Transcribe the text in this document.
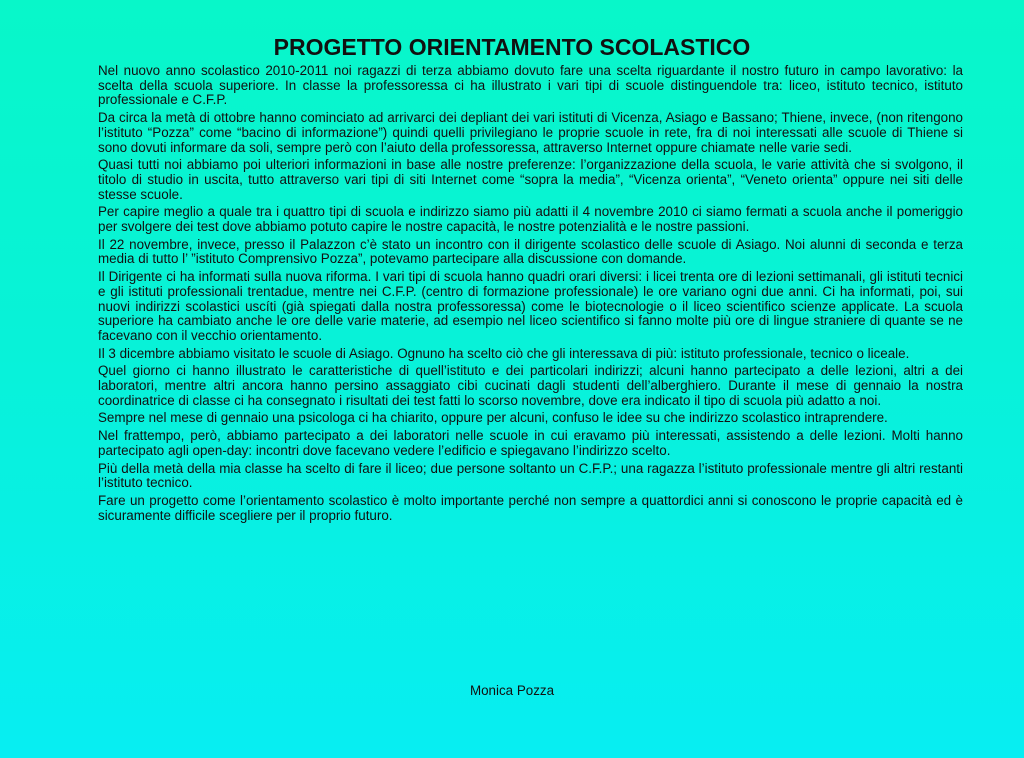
PROGETTO ORIENTAMENTO SCOLASTICO

Nel nuovo anno scolastico 2010-2011 noi ragazzi di terza abbiamo dovuto fare una scelta riguardante il nostro futuro in campo lavorativo: la scelta della scuola superiore. In classe la professoressa ci ha illustrato i vari tipi di scuole distinguendole tra: liceo, istituto tecnico, istituto professionale e C.F.P.

Da circa la metà di ottobre hanno cominciato ad arrivarci dei depliant dei vari istituti di Vicenza, Asiago e Bassano; Thiene, invece, (non ritengono l’istituto “Pozza” come “bacino di informazione”) quindi quelli privilegiano le proprie scuole in rete, fra di noi interessati alle scuole di Thiene si sono dovuti informare da soli, sempre però con l’aiuto della professoressa, attraverso Internet oppure chiamate nelle varie sedi.

Quasi tutti noi abbiamo poi ulteriori informazioni in base alle nostre preferenze: l’organizzazione della scuola, le varie attività che si svolgono, il titolo di studio in uscita, tutto attraverso vari tipi di siti Internet come “sopra la media”, “Vicenza orienta”, “Veneto orienta” oppure nei siti delle stesse scuole.

Per capire meglio a quale tra i quattro tipi di scuola e indirizzo siamo più adatti il 4 novembre 2010 ci siamo fermati a scuola anche il pomeriggio per svolgere dei test dove abbiamo potuto capire le nostre capacità, le nostre potenzialità e le nostre passioni.

Il 22 novembre, invece, presso il Palazzon c’è stato un incontro con il dirigente scolastico delle scuole di Asiago. Noi alunni di seconda e terza media di tutto l’ ”istituto Comprensivo Pozza”, potevamo partecipare alla discussione con domande.

Il Dirigente ci ha informati sulla nuova riforma. I vari tipi di scuola hanno quadri orari diversi: i licei trenta ore di lezioni settimanali, gli istituti tecnici e gli istituti professionali trentadue, mentre nei C.F.P. (centro di formazione professionale) le ore variano ogni due anni. Ci ha informati, poi, sui nuovi indirizzi scolastici uscíti (già spiegati dalla nostra professoressa) come le biotecnologie o il liceo scientifico scienze applicate. La scuola superiore ha cambiato anche le ore delle varie materie, ad esempio nel liceo scientifico si fanno molte più ore di lingue straniere di quante se ne facevano con il vecchio orientamento.

Il 3 dicembre abbiamo visitato le scuole di Asiago. Ognuno ha scelto ciò che gli interessava di più: istituto professionale, tecnico o liceale.

Quel giorno ci hanno illustrato le caratteristiche di quell’istituto e dei particolari indirizzi; alcuni hanno partecipato a delle lezioni, altri a dei laboratori, mentre altri ancora hanno persino assaggiato cibi cucinati dagli studenti dell’alberghiero. Durante il mese di gennaio la nostra coordinatrice di classe ci ha consegnato i risultati dei test fatti lo scorso novembre, dove era indicato il tipo di scuola più adatto a noi.

Sempre nel mese di gennaio una psicologa ci ha chiarito, oppure per alcuni, confuso le idee su che indirizzo scolastico intraprendere.

Nel frattempo, però, abbiamo partecipato a dei laboratori nelle scuole in cui eravamo più interessati, assistendo a delle lezioni. Molti hanno partecipato agli open-day: incontri dove facevano vedere l’edificio e spiegavano l’indirizzo scelto.

Più della metà della mia classe ha scelto di fare il liceo; due persone soltanto un C.F.P.; una ragazza l’istituto professionale mentre gli altri restanti l’istituto tecnico.

Fare un progetto come l’orientamento scolastico è molto importante perché non sempre a quattordici anni si conoscono le proprie capacità ed è sicuramente difficile scegliere per il proprio futuro.

Monica Pozza
